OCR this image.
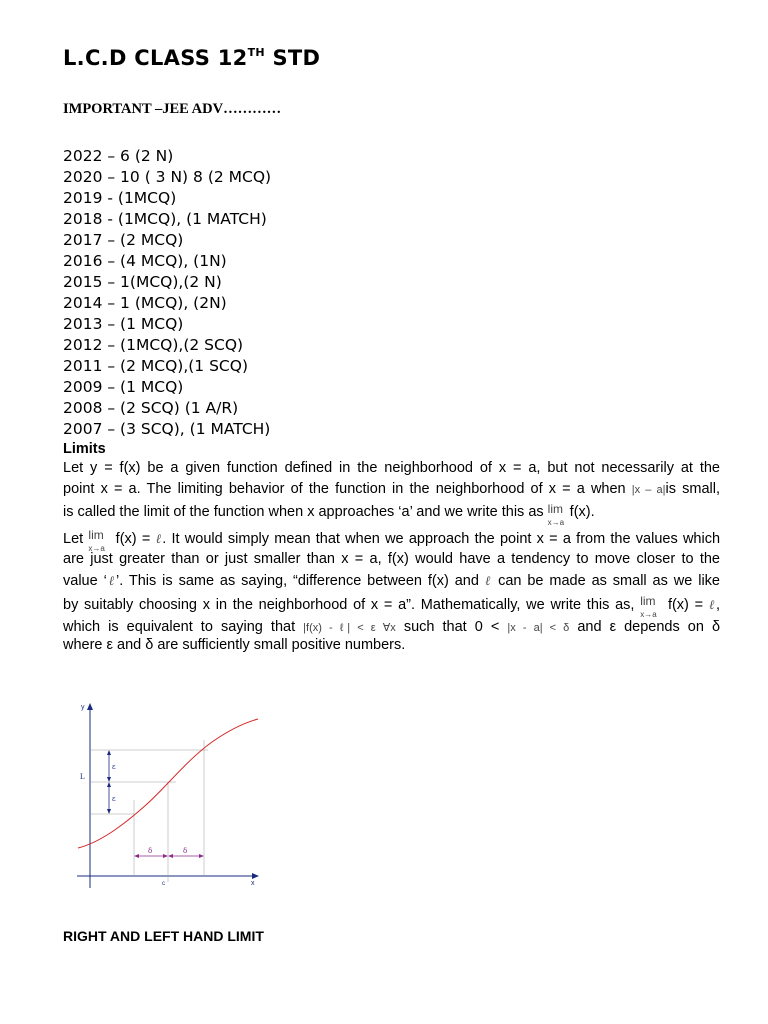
L.C.D CLASS 12TH STD
IMPORTANT –JEE ADV…………
2022 – 6 (2 N)
2020 – 10 ( 3 N) 8 (2 MCQ)
2019 - (1MCQ)
2018 - (1MCQ), (1 MATCH)
2017 – (2 MCQ)
2016 – (4 MCQ), (1N)
2015 – 1(MCQ),(2 N)
2014 – 1 (MCQ), (2N)
2013 – (1 MCQ)
2012 – (1MCQ),(2 SCQ)
2011 – (2 MCQ),(1 SCQ)
2009 – (1 MCQ)
2008 – (2 SCQ) (1 A/R)
2007 – (3 SCQ), (1 MATCH)
Limits
Let y = f(x) be a given function defined in the neighborhood of x = a, but not necessarily at the
point x = a. The limiting behavior of the function in the neighborhood of x = a when |x – a|is small,
is called the limit of the function when x approaches ‘a’ and we write this as lim
x→a
f(x).
Let lim
x→a
f(x) = ℓ. It would simply mean that when we approach the point x = a from the values which
are just greater than or just smaller than x = a, f(x) would have a tendency to move closer to the
value ‘ℓ’. This is same as saying, “difference between f(x) and ℓ can be made as small as we like
by suitably choosing x in the neighborhood of x = a”. Mathematically, we write this as, lim
x→a
f(x) = ℓ,
which is equivalent to saying that |f(x) - ℓ| < ε ∀x such that 0 < |x - a| < δ and ε depends on δ
where ε and δ are sufficiently small positive numbers.
RIGHT AND LEFT HAND LIMIT
y
x
L
c
ε
ε
δ	δ
